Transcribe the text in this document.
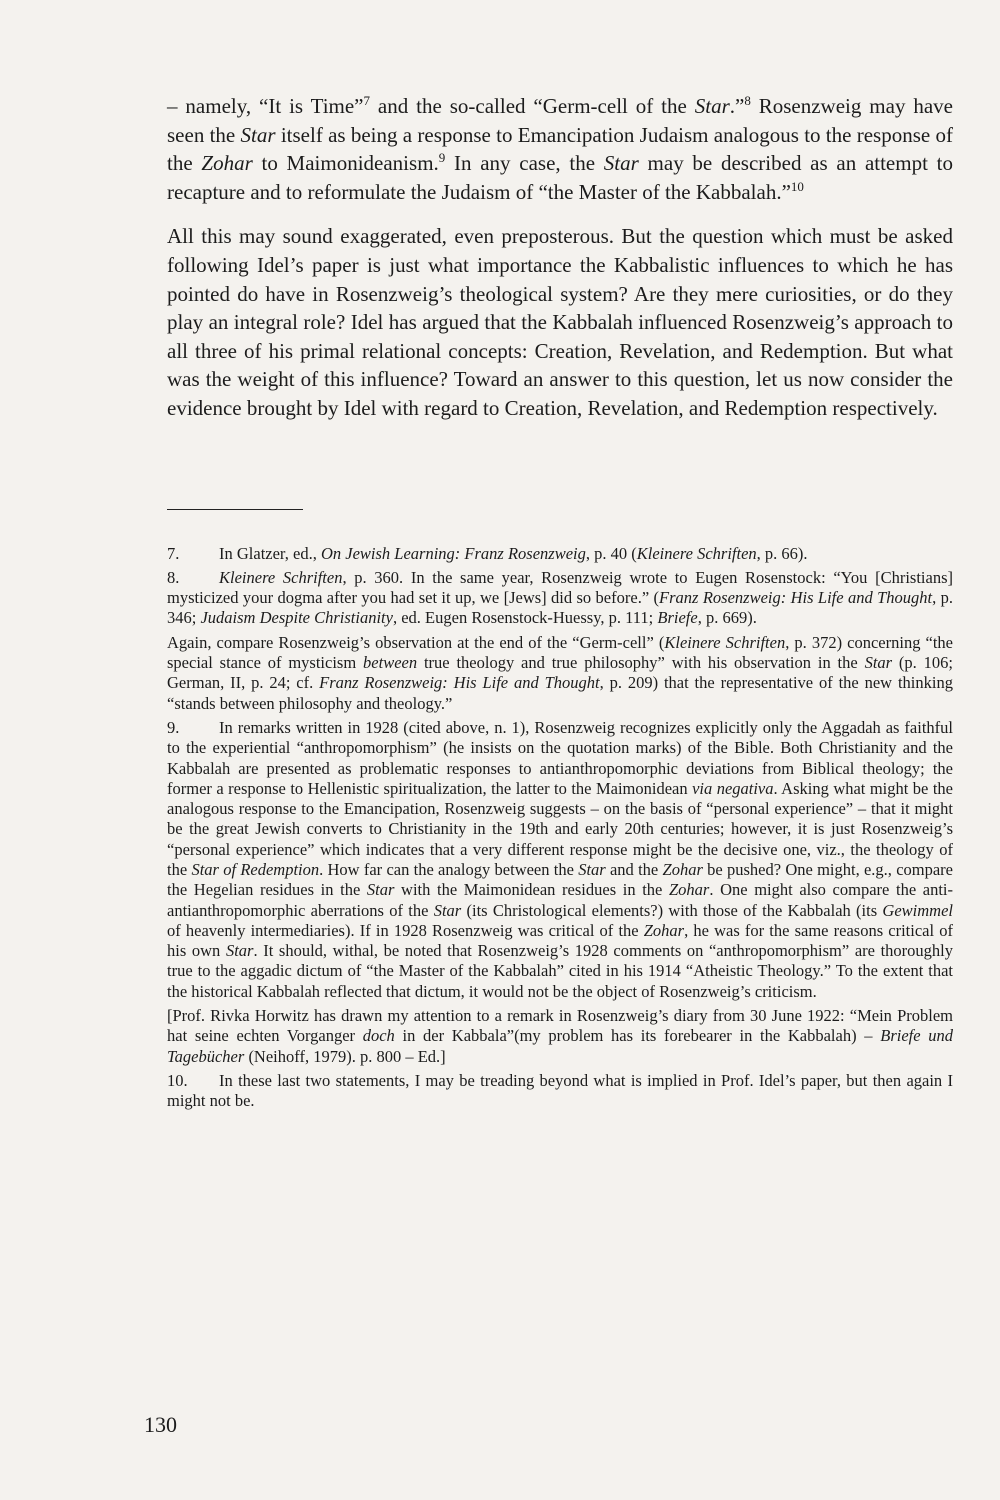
– namely, “It is Time”$^7$ and the so-called “Germ-cell of the Star.”$^8$ Rosenzweig may have seen the Star itself as being a response to Emancipation Judaism analogous to the response of the Zohar to Maimonideanism.$^9$ In any case, the Star may be described as an attempt to recapture and to reformulate the Judaism of “the Master of the Kabbalah.”$^{10}$

All this may sound exaggerated, even preposterous. But the question which must be asked following Idel’s paper is just what importance the Kabbalistic influences to which he has pointed do have in Rosenzweig’s theological system? Are they mere curiosities, or do they play an integral role? Idel has argued that the Kabbalah influenced Rosenzweig’s approach to all three of his primal relational concepts: Creation, Revelation, and Redemption. But what was the weight of this influence? Toward an answer to this question, let us now consider the evidence brought by Idel with regard to Creation, Revelation, and Redemption respectively.

7. In Glatzer, ed., On Jewish Learning: Franz Rosenzweig, p. 40 (Kleinere Schriften, p. 66).

8. Kleinere Schriften, p. 360. In the same year, Rosenzweig wrote to Eugen Rosenstock: “You [Christians] mysticized your dogma after you had set it up, we [Jews] did so before.” (Franz Rosenzweig: His Life and Thought, p. 346; Judaism Despite Christianity, ed. Eugen Rosenstock-Huessy, p. 111; Briefe, p. 669).

Again, compare Rosenzweig’s observation at the end of the “Germ-cell” (Kleinere Schriften, p. 372) concerning “the special stance of mysticism between true theology and true philosophy” with his observation in the Star (p. 106; German, II, p. 24; cf. Franz Rosenzweig: His Life and Thought, p. 209) that the representative of the new thinking “stands between philosophy and theology.”

9. In remarks written in 1928 (cited above, n. 1), Rosenzweig recognizes explicitly only the Aggadah as faithful to the experiential “anthropomorphism” (he insists on the quotation marks) of the Bible. Both Christianity and the Kabbalah are presented as problematic responses to antianthropomorphic deviations from Biblical theology; the former a response to Hellenistic spiritualization, the latter to the Maimonidean via negativa. Asking what might be the analogous response to the Emancipation, Rosenzweig suggests – on the basis of “personal experience” – that it might be the great Jewish converts to Christianity in the 19th and early 20th centuries; however, it is just Rosenzweig’s “personal experience” which indicates that a very different response might be the decisive one, viz., the theology of the Star of Redemption. How far can the analogy between the Star and the Zohar be pushed? One might, e.g., compare the Hegelian residues in the Star with the Maimonidean residues in the Zohar. One might also compare the anti-antianthropomorphic aberrations of the Star (its Christological elements?) with those of the Kabbalah (its Gewimmel of heavenly intermediaries). If in 1928 Rosenzweig was critical of the Zohar, he was for the same reasons critical of his own Star. It should, withal, be noted that Rosenzweig’s 1928 comments on “anthropomorphism” are thoroughly true to the aggadic dictum of “the Master of the Kabbalah” cited in his 1914 “Atheistic Theology.” To the extent that the historical Kabbalah reflected that dictum, it would not be the object of Rosenzweig’s criticism.

[Prof. Rivka Horwitz has drawn my attention to a remark in Rosenzweig’s diary from 30 June 1922: “Mein Problem hat seine echten Vorganger doch in der Kabbala”(my problem has its forebearer in the Kabbalah) – Briefe und Tagebücher (Neihoff, 1979). p. 800 – Ed.]

10. In these last two statements, I may be treading beyond what is implied in Prof. Idel’s paper, but then again I might not be.

130
